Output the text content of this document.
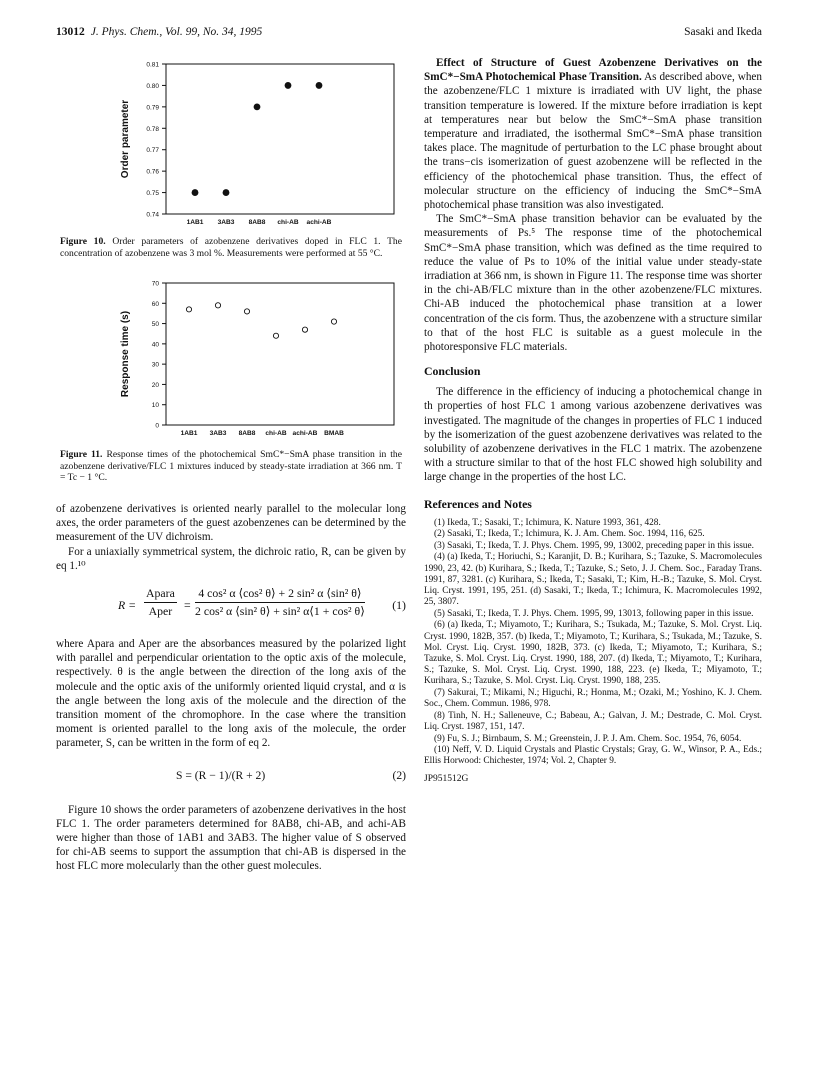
13012 J. Phys. Chem., Vol. 99, No. 34, 1995	Sasaki and Ikeda
0.74
0.75
0.76
0.77
0.78
0.79
0.80
0.81
Order parameter
1AB1 3AB3 8AB8 chi-AB achi-AB
Figure 10. Order parameters of azobenzene derivatives doped in FLC 1. The concentration of azobenzene was 3 mol %. Measurements were performed at 55 °C.
0
10
20
30
40
50
60
70
Response time (s)
1AB1 3AB3 8AB8 chi-AB achi-AB BMAB
Figure 11. Response times of the photochemical SmC*−SmA phase transition in the azobenzene derivative/FLC 1 mixtures induced by steady-state irradiation at 366 nm. T = Tc − 1 °C.

of azobenzene derivatives is oriented nearly parallel to the molecular long axes, the order parameters of the guest azobenzenes can be determined by the measurement of the UV dichroism.

For a uniaxially symmetrical system, the dichroic ratio, R, can be given by eq 1.¹⁰

R =
Apara
Aper = $\frac{\text{4 cos² α ⟨cos² θ⟩ + 2 sin² α ⟨sin² θ⟩}}{\text{2 cos² α ⟨sin² θ⟩ + sin² α⟨1 + cos² θ⟩}} (1)$

where Apara and Aper are the absorbances measured by the polarized light with parallel and perpendicular orientation to the optic axis of the molecule, respectively. θ is the angle between the direction of the long axis of the molecule and the optic axis of the uniformly oriented liquid crystal, and α is the angle between the long axis of the molecule and the direction of the transition moment of the chromophore. In the case where the transition moment is oriented parallel to the long axis of the molecule, the order parameter, S, can be written in the form of eq 2.

S = (R − 1)/(R + 2)	(2)

Figure 10 shows the order parameters of azobenzene derivatives in the host FLC 1. The order parameters determined for 8AB8, chi-AB, and achi-AB were higher than those of 1AB1 and 3AB3. The higher value of S observed for chi-AB seems to support the assumption that chi-AB is dispersed in the host FLC more molecularly than the other guest molecules.

Effect of Structure of Guest Azobenzene Derivatives on the SmC*−SmA Photochemical Phase Transition. As described above, when the azobenzene/FLC 1 mixture is irradiated with UV light, the phase transition temperature is lowered. If the mixture before irradiation is kept at temperatures near but below the SmC*−SmA phase transition temperature and irradiated, the isothermal SmC*−SmA phase transition takes place. The magnitude of perturbation to the LC phase brought about the trans−cis isomerization of guest azobenzene will be reflected in the efficiency of the photochemical phase transition. Thus, the effect of molecular structure on the efficiency of inducing the SmC*−SmA photochemical phase transition was also investigated.

The SmC*−SmA phase transition behavior can be evaluated by the measurements of Ps.⁵ The response time of the photochemical SmC*−SmA phase transition, which was defined as the time required to reduce the value of Ps to 10% of the initial value under steady-state irradiation at 366 nm, is shown in Figure 11. The response time was shorter in the chi-AB/FLC mixture than in the other azobenzene/FLC mixtures. Chi-AB induced the photochemical phase transition at a lower concentration of the cis form. Thus, the azobenzene with a structure similar to that of the host FLC is suitable as a guest molecule in the photoresponsive FLC materials.

Conclusion

The difference in the efficiency of inducing a photochemical change in th properties of host FLC 1 among various azobenzene derivatives was investigated. The magnitude of the changes in properties of FLC 1 induced by the isomerization of the guest azobenzene derivatives was related to the solubility of azobenzene derivatives in the FLC 1 matrix. The azobenzene with a structure similar to that of the host FLC showed high solubility and large change in the properties of the host LC.

References and Notes
(1) Ikeda, T.; Sasaki, T.; Ichimura, K. Nature 1993, 361, 428.
(2) Sasaki, T.; Ikeda, T.; Ichimura, K. J. Am. Chem. Soc. 1994, 116, 625.
(3) Sasaki, T.; Ikeda, T. J. Phys. Chem. 1995, 99, 13002, preceding paper in this issue.
(4) (a) Ikeda, T.; Horiuchi, S.; Karanjit, D. B.; Kurihara, S.; Tazuke, S. Macromolecules 1990, 23, 42. (b) Kurihara, S.; Ikeda, T.; Tazuke, S.; Seto, J. J. Chem. Soc., Faraday Trans. 1991, 87, 3281. (c) Kurihara, S.; Ikeda, T.; Sasaki, T.; Kim, H.-B.; Tazuke, S. Mol. Cryst. Liq. Cryst. 1991, 195, 251. (d) Sasaki, T.; Ikeda, T.; Ichimura, K. Macromolecules 1992, 25, 3807.
(5) Sasaki, T.; Ikeda, T. J. Phys. Chem. 1995, 99, 13013, following paper in this issue.
(6) (a) Ikeda, T.; Miyamoto, T.; Kurihara, S.; Tsukada, M.; Tazuke, S. Mol. Cryst. Liq. Cryst. 1990, 182B, 357. (b) Ikeda, T.; Miyamoto, T.; Kurihara, S.; Tsukada, M.; Tazuke, S. Mol. Cryst. Liq. Cryst. 1990, 182B, 373. (c) Ikeda, T.; Miyamoto, T.; Kurihara, S.; Tazuke, S. Mol. Cryst. Liq. Cryst. 1990, 188, 207. (d) Ikeda, T.; Miyamoto, T.; Kurihara, S.; Tazuke, S. Mol. Cryst. Liq. Cryst. 1990, 188, 223. (e) Ikeda, T.; Miyamoto, T.; Kurihara, S.; Tazuke, S. Mol. Cryst. Liq. Cryst. 1990, 188, 235.
(7) Sakurai, T.; Mikami, N.; Higuchi, R.; Honma, M.; Ozaki, M.; Yoshino, K. J. Chem. Soc., Chem. Commun. 1986, 978.
(8) Tinh, N. H.; Salleneuve, C.; Babeau, A.; Galvan, J. M.; Destrade, C. Mol. Cryst. Liq. Cryst. 1987, 151, 147.
(9) Fu, S. J.; Birnbaum, S. M.; Greenstein, J. P. J. Am. Chem. Soc. 1954, 76, 6054.
(10) Neff, V. D. Liquid Crystals and Plastic Crystals; Gray, G. W., Winsor, P. A., Eds.; Ellis Horwood: Chichester, 1974; Vol. 2, Chapter 9.
JP951512G
